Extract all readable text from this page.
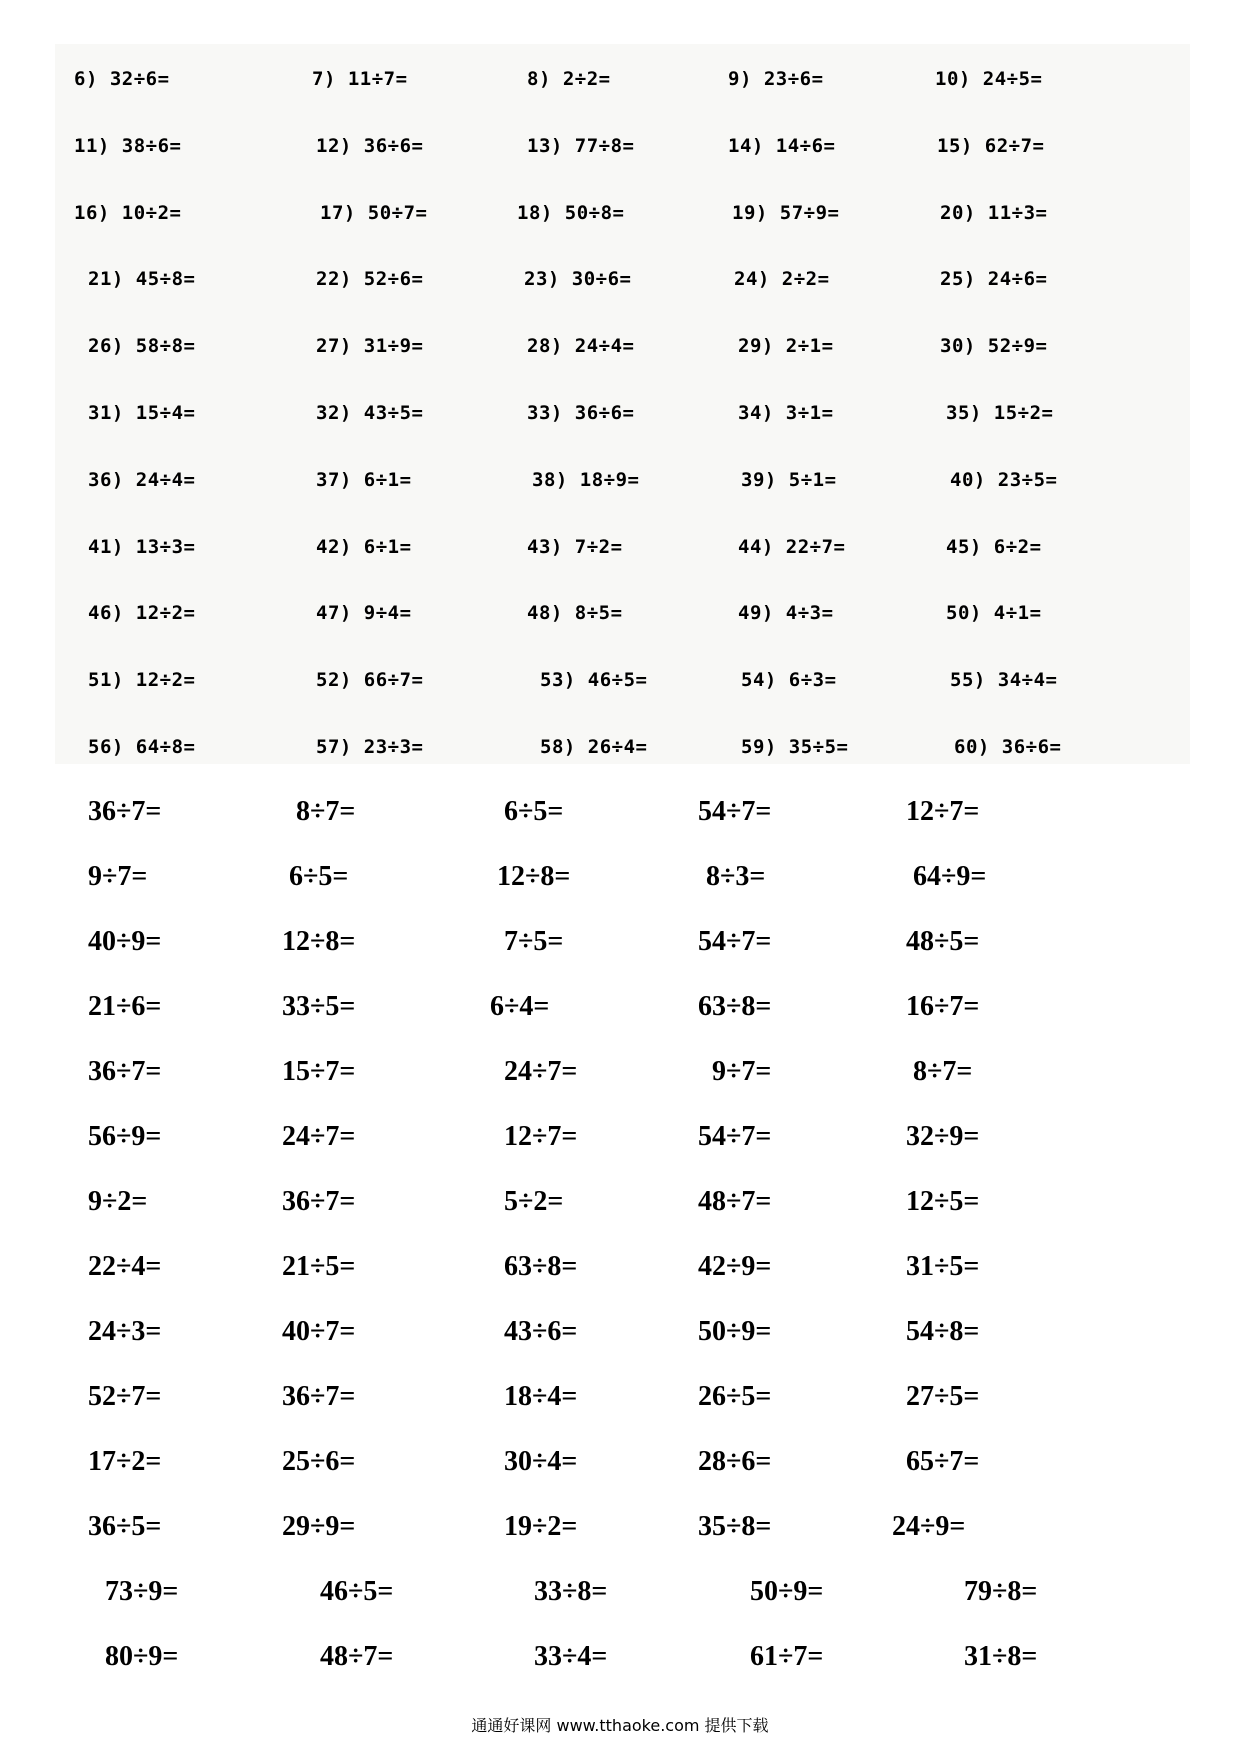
6) 32÷6=	7) 11÷7=	8) 2÷2=	9) 23÷6=	10) 24÷5=
11) 38÷6=	12) 36÷6=	13) 77÷8=	14) 14÷6=	15) 62÷7=
16) 10÷2=	17) 50÷7=	18) 50÷8=	19) 57÷9=	20) 11÷3=
21) 45÷8=	22) 52÷6=	23) 30÷6=	24) 2÷2=	25) 24÷6=
26) 58÷8=	27) 31÷9=	28) 24÷4=	29) 2÷1=	30) 52÷9=
31) 15÷4=	32) 43÷5=	33) 36÷6=	34) 3÷1=	35) 15÷2=
36) 24÷4=	37) 6÷1=	38) 18÷9=	39) 5÷1=	40) 23÷5=
41) 13÷3=	42) 6÷1=	43) 7÷2=	44) 22÷7=	45) 6÷2=
46) 12÷2=	47) 9÷4=	48) 8÷5=	49) 4÷3=	50) 4÷1=
51) 12÷2=	52) 66÷7=	53) 46÷5=	54) 6÷3=	55) 34÷4=
56) 64÷8=	57) 23÷3=	58) 26÷4=	59) 35÷5=	60) 36÷6=
36÷7=	8÷7=	6÷5=	54÷7=	12÷7=
9÷7=	6÷5=	12÷8=	8÷3=	64÷9=
40÷9=	12÷8=	7÷5=	54÷7=	48÷5=
21÷6=	33÷5=	6÷4=	63÷8=	16÷7=
36÷7=	15÷7=	24÷7=	9÷7=	8÷7=
56÷9=	24÷7=	12÷7=	54÷7=	32÷9=
9÷2=	36÷7=	5÷2=	48÷7=	12÷5=
22÷4=	21÷5=	63÷8=	42÷9=	31÷5=
24÷3=	40÷7=	43÷6=	50÷9=	54÷8=
52÷7=	36÷7=	18÷4=	26÷5=	27÷5=
17÷2=	25÷6=	30÷4=	28÷6=	65÷7=
36÷5=	29÷9=	19÷2=	35÷8=	24÷9=
73÷9=	46÷5=	33÷8=	50÷9=	79÷8=
80÷9=	48÷7=	33÷4=	61÷7=	31÷8=
通通好课网 www.tthaoke.com 提供下载
